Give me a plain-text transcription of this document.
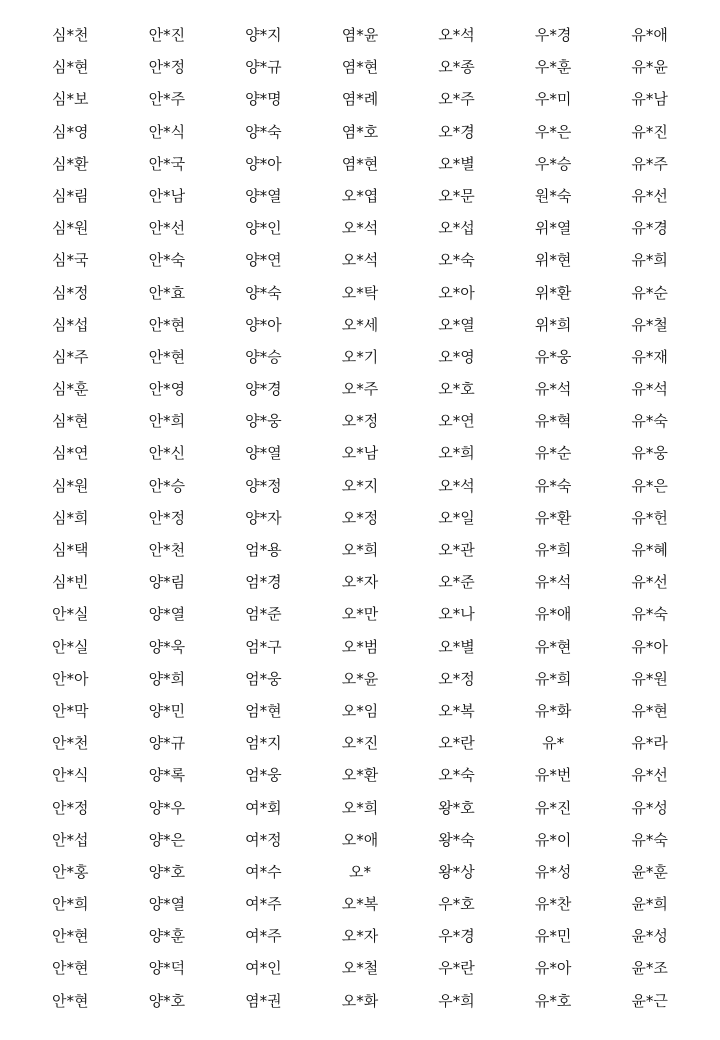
심*천	안*진	양*지	염*윤	오*석	우*경	유*애
심*현	안*정	양*규	염*현	오*종	우*훈	유*윤
심*보	안*주	양*명	염*례	오*주	우*미	유*남
심*영	안*식	양*숙	염*호	오*경	우*은	유*진
심*환	안*국	양*아	염*현	오*별	우*승	유*주
심*림	안*남	양*열	오*엽	오*문	원*숙	유*선
심*원	안*선	양*인	오*석	오*섭	위*열	유*경
심*국	안*숙	양*연	오*석	오*숙	위*현	유*희
심*정	안*효	양*숙	오*탁	오*아	위*환	유*순
심*섭	안*현	양*아	오*세	오*열	위*희	유*철
심*주	안*현	양*승	오*기	오*영	유*웅	유*재
심*훈	안*영	양*경	오*주	오*호	유*석	유*석
심*현	안*희	양*웅	오*정	오*연	유*혁	유*숙
심*연	안*신	양*열	오*남	오*희	유*순	유*웅
심*원	안*승	양*정	오*지	오*석	유*숙	유*은
심*희	안*정	양*자	오*정	오*일	유*환	유*헌
심*택	안*천	엄*용	오*희	오*관	유*희	유*혜
심*빈	양*림	엄*경	오*자	오*준	유*석	유*선
안*실	양*열	엄*준	오*만	오*나	유*애	유*숙
안*실	양*욱	엄*구	오*범	오*별	유*현	유*아
안*아	양*희	엄*웅	오*윤	오*정	유*희	유*원
안*막	양*민	엄*현	오*임	오*복	유*화	유*현
안*천	양*규	엄*지	오*진	오*란	유*	유*라
안*식	양*록	엄*웅	오*환	오*숙	유*번	유*선
안*정	양*우	여*회	오*희	왕*호	유*진	유*성
안*섭	양*은	여*정	오*애	왕*숙	유*이	유*숙
안*홍	양*호	여*수	오*	왕*상	유*성	윤*훈
안*희	양*열	여*주	오*복	우*호	유*찬	윤*희
안*현	양*훈	여*주	오*자	우*경	유*민	윤*성
안*현	양*덕	여*인	오*철	우*란	유*아	윤*조
안*현	양*호	염*권	오*화	우*희	유*호	윤*근
